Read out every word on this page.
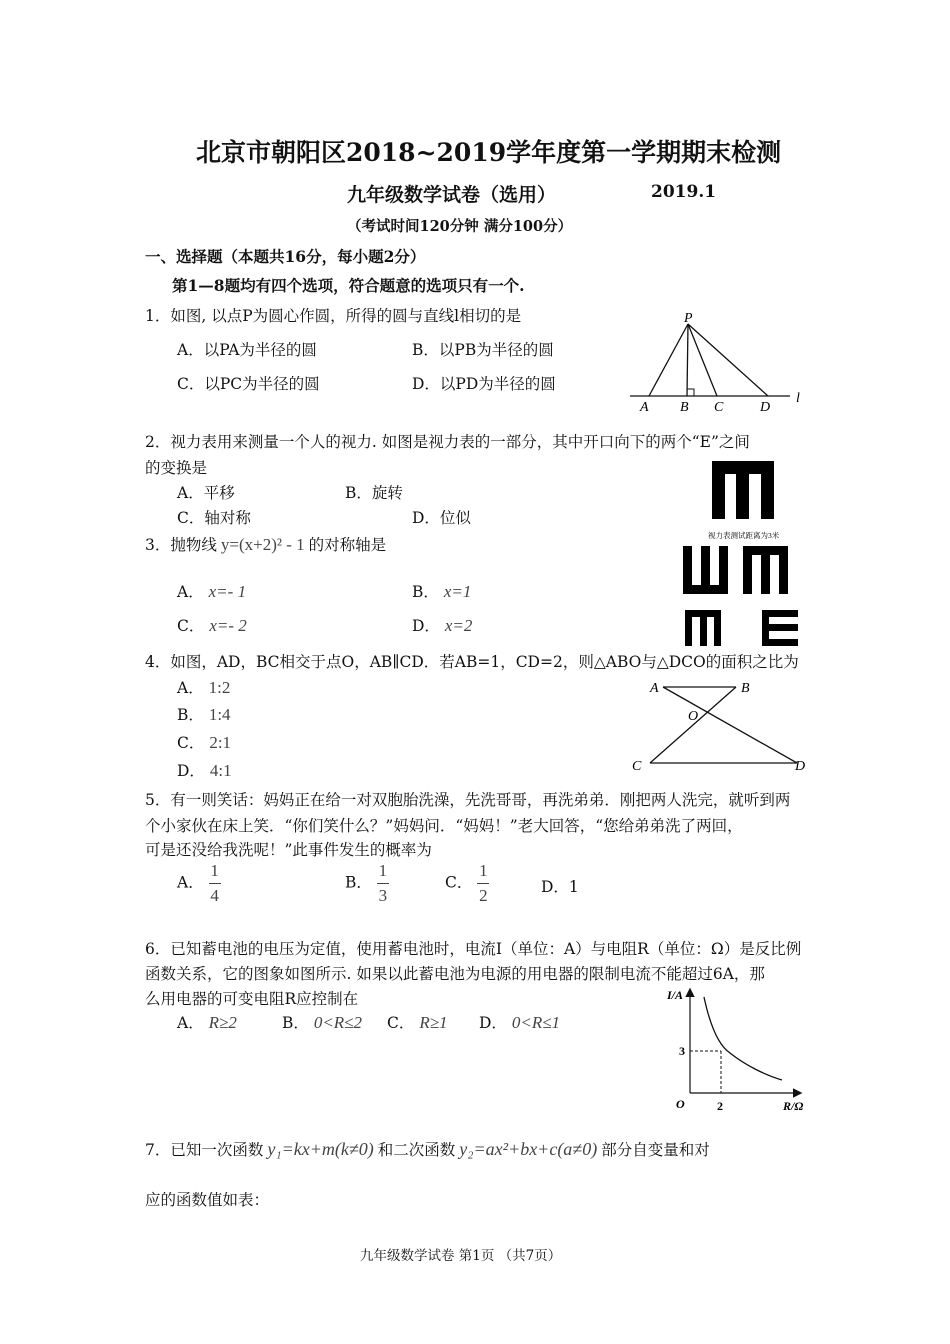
北京市朝阳区2018~2019学年度第一学期期末检测
九年级数学试卷（选用）	2019.1
（考试时间120分钟 满分100分）
一、选择题（本题共16分，每小题2分）
第1—8题均有四个选项，符合题意的选项只有一个.
1．如图, 以点P为圆心作圆，所得的圆与直线l相切的是
A．以PA为半径的圆	B．以PB为半径的圆
C．以PC为半径的圆	D．以PD为半径的圆
P
A B C	D
l
2．视力表用来测量一个人的视力. 如图是视力表的一部分，其中开口向下的两个“E”之间
的变换是
A．平移	B．旋转
C．轴对称	D．位似
视力表测试距离为3米
3．抛物线 y=(x+2)² - 1 的对称轴是
A． x=- 1	B． x=1
C． x=- 2	D． x=2
4．如图，AD，BC相交于点O，AB∥CD．若AB=1，CD=2，则△ABO与△DCO的面积之比为
A． 1:2
B． 1:4
C． 2:1
D． 4:1
A	B
O
C	D
5．有一则笑话：妈妈正在给一对双胞胎洗澡，先洗哥哥，再洗弟弟．刚把两人洗完，就听到两
个小家伙在床上笑．“你们笑什么？”妈妈问．“妈妈！”老大回答，“您给弟弟洗了两回，
可是还没给我洗呢！”此事件发生的概率为
A． $\frac{1}{4}$	B． $\frac{1}{3}$	C． $\frac{1}{2}$	D．1
6．已知蓄电池的电压为定值，使用蓄电池时，电流I（单位：A）与电阻R（单位：Ω）是反比例
函数关系，它的图象如图所示. 如果以此蓄电池为电源的用电器的限制电流不能超过6A，那
么用电器的可变电阻R应控制在
A． R≥2	B． 0<R≤2 C． R≥1 D． 0<R≤1
I/A
R/Ω
O	2
3
7．已知一次函数 y₁=kx+m(k≠0) 和二次函数 y₂=ax²+bx+c(a≠0) 部分自变量和对
应的函数值如表：
九年级数学试卷 第1页 （共7页）
